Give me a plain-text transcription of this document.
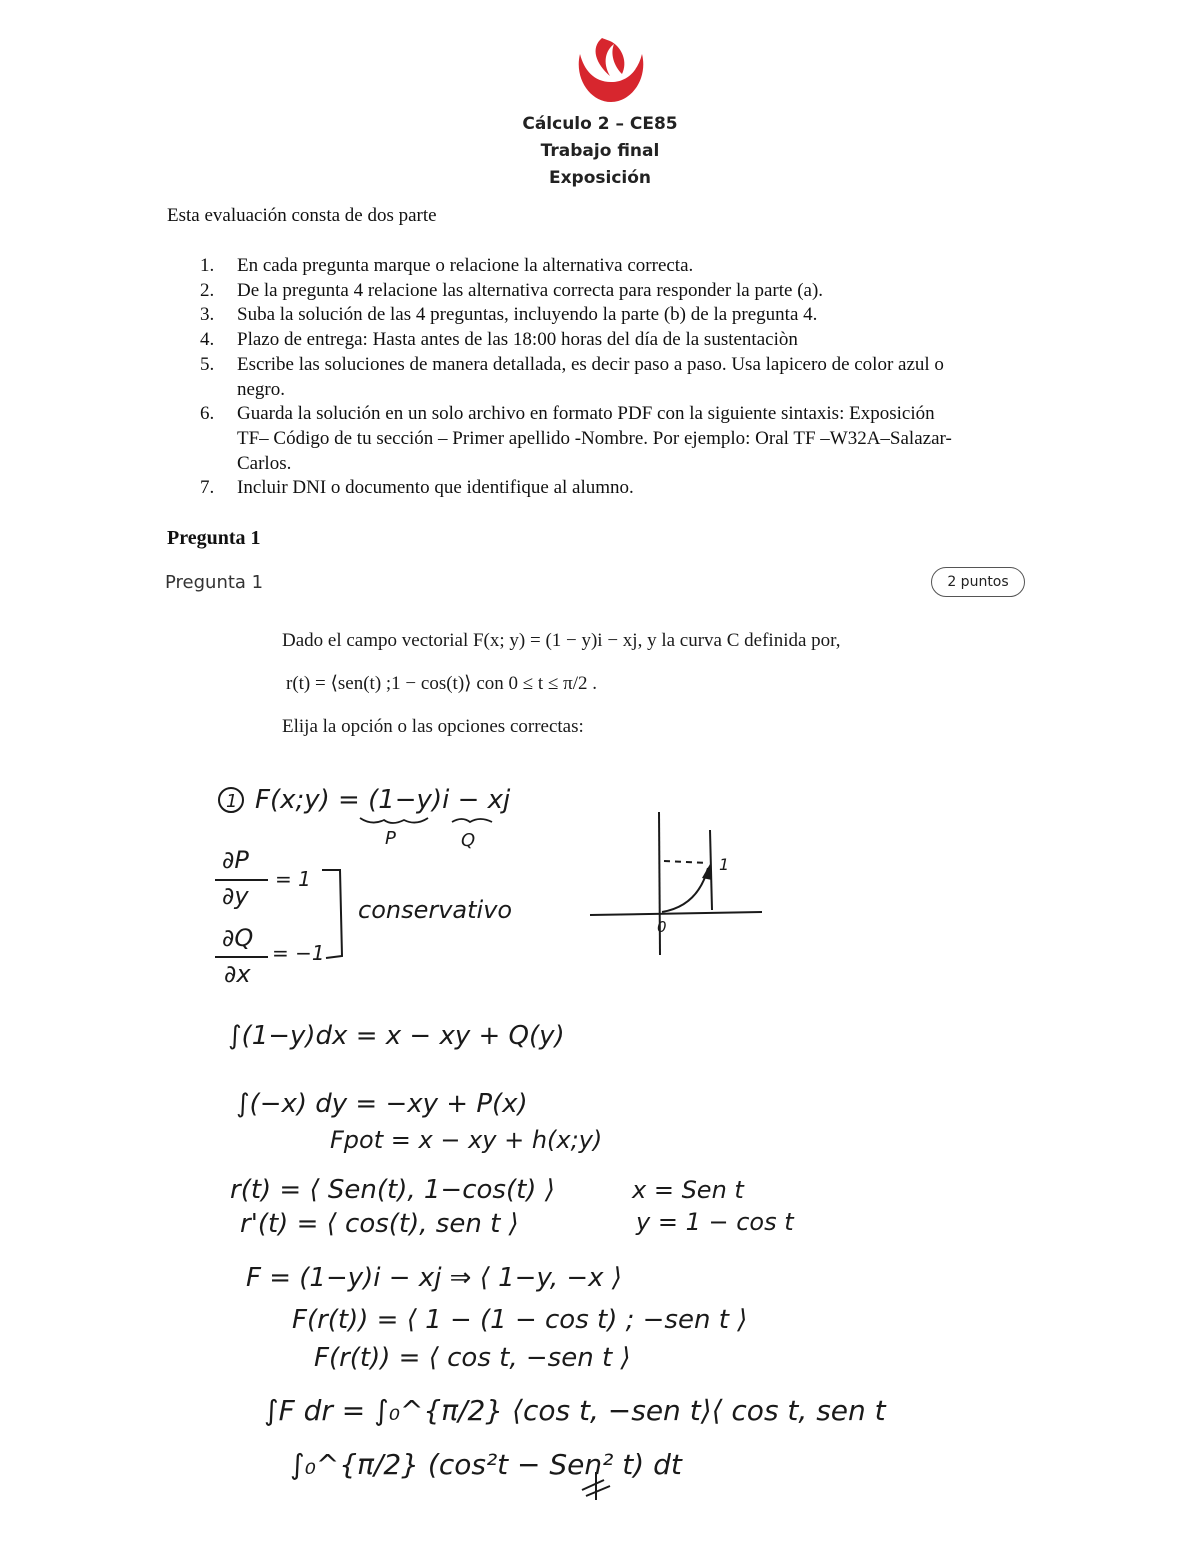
Cálculo 2 – CE85
Trabajo final
Exposición
Esta evaluación consta de dos parte
1. En cada pregunta marque o relacione la alternativa correcta.
2. De la pregunta 4 relacione las alternativa correcta para responder la parte (a).
3. Suba la solución de las 4 preguntas, incluyendo la parte (b) de la pregunta 4.
4. Plazo de entrega: Hasta antes de las 18:00 horas del día de la sustentaciòn
5. Escribe las soluciones de manera detallada, es decir paso a paso. Usa lapicero de color azul o
negro.
6. Guarda la solución en un solo archivo en formato PDF con la siguiente sintaxis: Exposición
TF– Código de tu sección – Primer apellido -Nombre. Por ejemplo: Oral TF –W32A–Salazar-
Carlos.
7. Incluir DNI o documento que identifique al alumno.
Pregunta 1
Pregunta 1	2 puntos
Dado el campo vectorial F(x; y) = (1 − y)i − xj, y la curva C definida por,
r(t) = ⟨sen(t) ;1 − cos(t)⟩ con 0 ≤ t ≤ π/2 .
Elija la opción o las opciones correctas:
1 F(x;y) = (1−y)i − xj
P	Q
∂P
∂y
= 1
∂Q
∂x
= −1
conservativo
1
0
∫(1−y)dx = x − xy + Q(y)
∫(−x) dy = −xy + P(x)
Fpot = x − xy + h(x;y)
r(t) = ⟨ Sen(t), 1−cos(t) ⟩	x = Sen t
r'(t) = ⟨ cos(t), sen t ⟩	y = 1 − cos t
F = (1−y)i − xj ⇒ ⟨ 1−y, −x ⟩
F(r(t)) = ⟨ 1 − (1 − cos t) ; −sen t ⟩
F(r(t)) = ⟨ cos t, −sen t ⟩
∫F dr = ∫₀^{π/2} ⟨cos t, −sen t⟩⟨ cos t, sen t
∫₀^{π/2} (cos²t − Sen² t) dt
